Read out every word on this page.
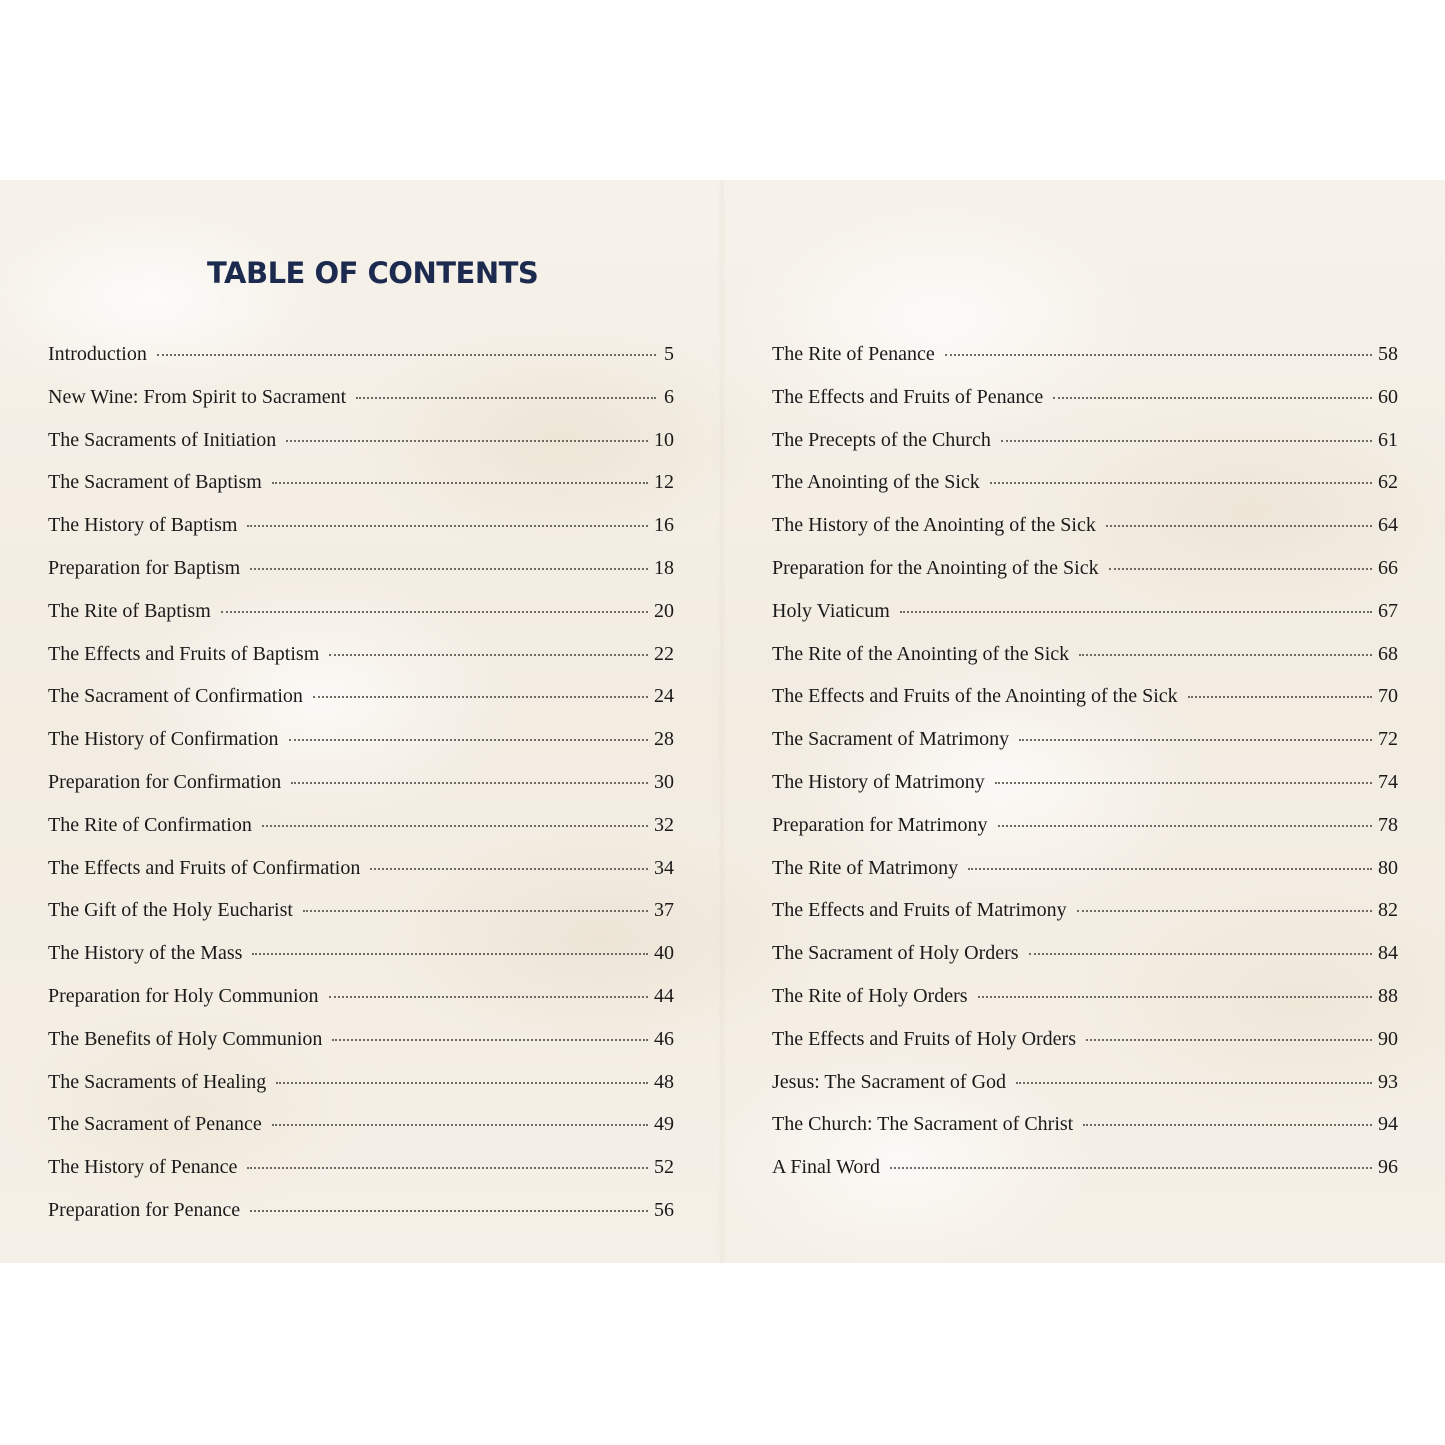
TABLE OF CONTENTS
Introduction	5
New Wine: From Spirit to Sacrament	6
The Sacraments of Initiation	10
The Sacrament of Baptism	12
The History of Baptism	16
Preparation for Baptism	18
The Rite of Baptism	20
The Effects and Fruits of Baptism	22
The Sacrament of Confirmation	24
The History of Confirmation	28
Preparation for Confirmation	30
The Rite of Confirmation	32
The Effects and Fruits of Confirmation	34
The Gift of the Holy Eucharist	37
The History of the Mass	40
Preparation for Holy Communion	44
The Benefits of Holy Communion	46
The Sacraments of Healing	48
The Sacrament of Penance	49
The History of Penance	52
Preparation for Penance	56
The Rite of Penance	58
The Effects and Fruits of Penance	60
The Precepts of the Church	61
The Anointing of the Sick	62
The History of the Anointing of the Sick	64
Preparation for the Anointing of the Sick	66
Holy Viaticum	67
The Rite of the Anointing of the Sick	68
The Effects and Fruits of the Anointing of the Sick	70
The Sacrament of Matrimony	72
The History of Matrimony	74
Preparation for Matrimony	78
The Rite of Matrimony	80
The Effects and Fruits of Matrimony	82
The Sacrament of Holy Orders	84
The Rite of Holy Orders	88
The Effects and Fruits of Holy Orders	90
Jesus: The Sacrament of God	93
The Church: The Sacrament of Christ	94
A Final Word	96
